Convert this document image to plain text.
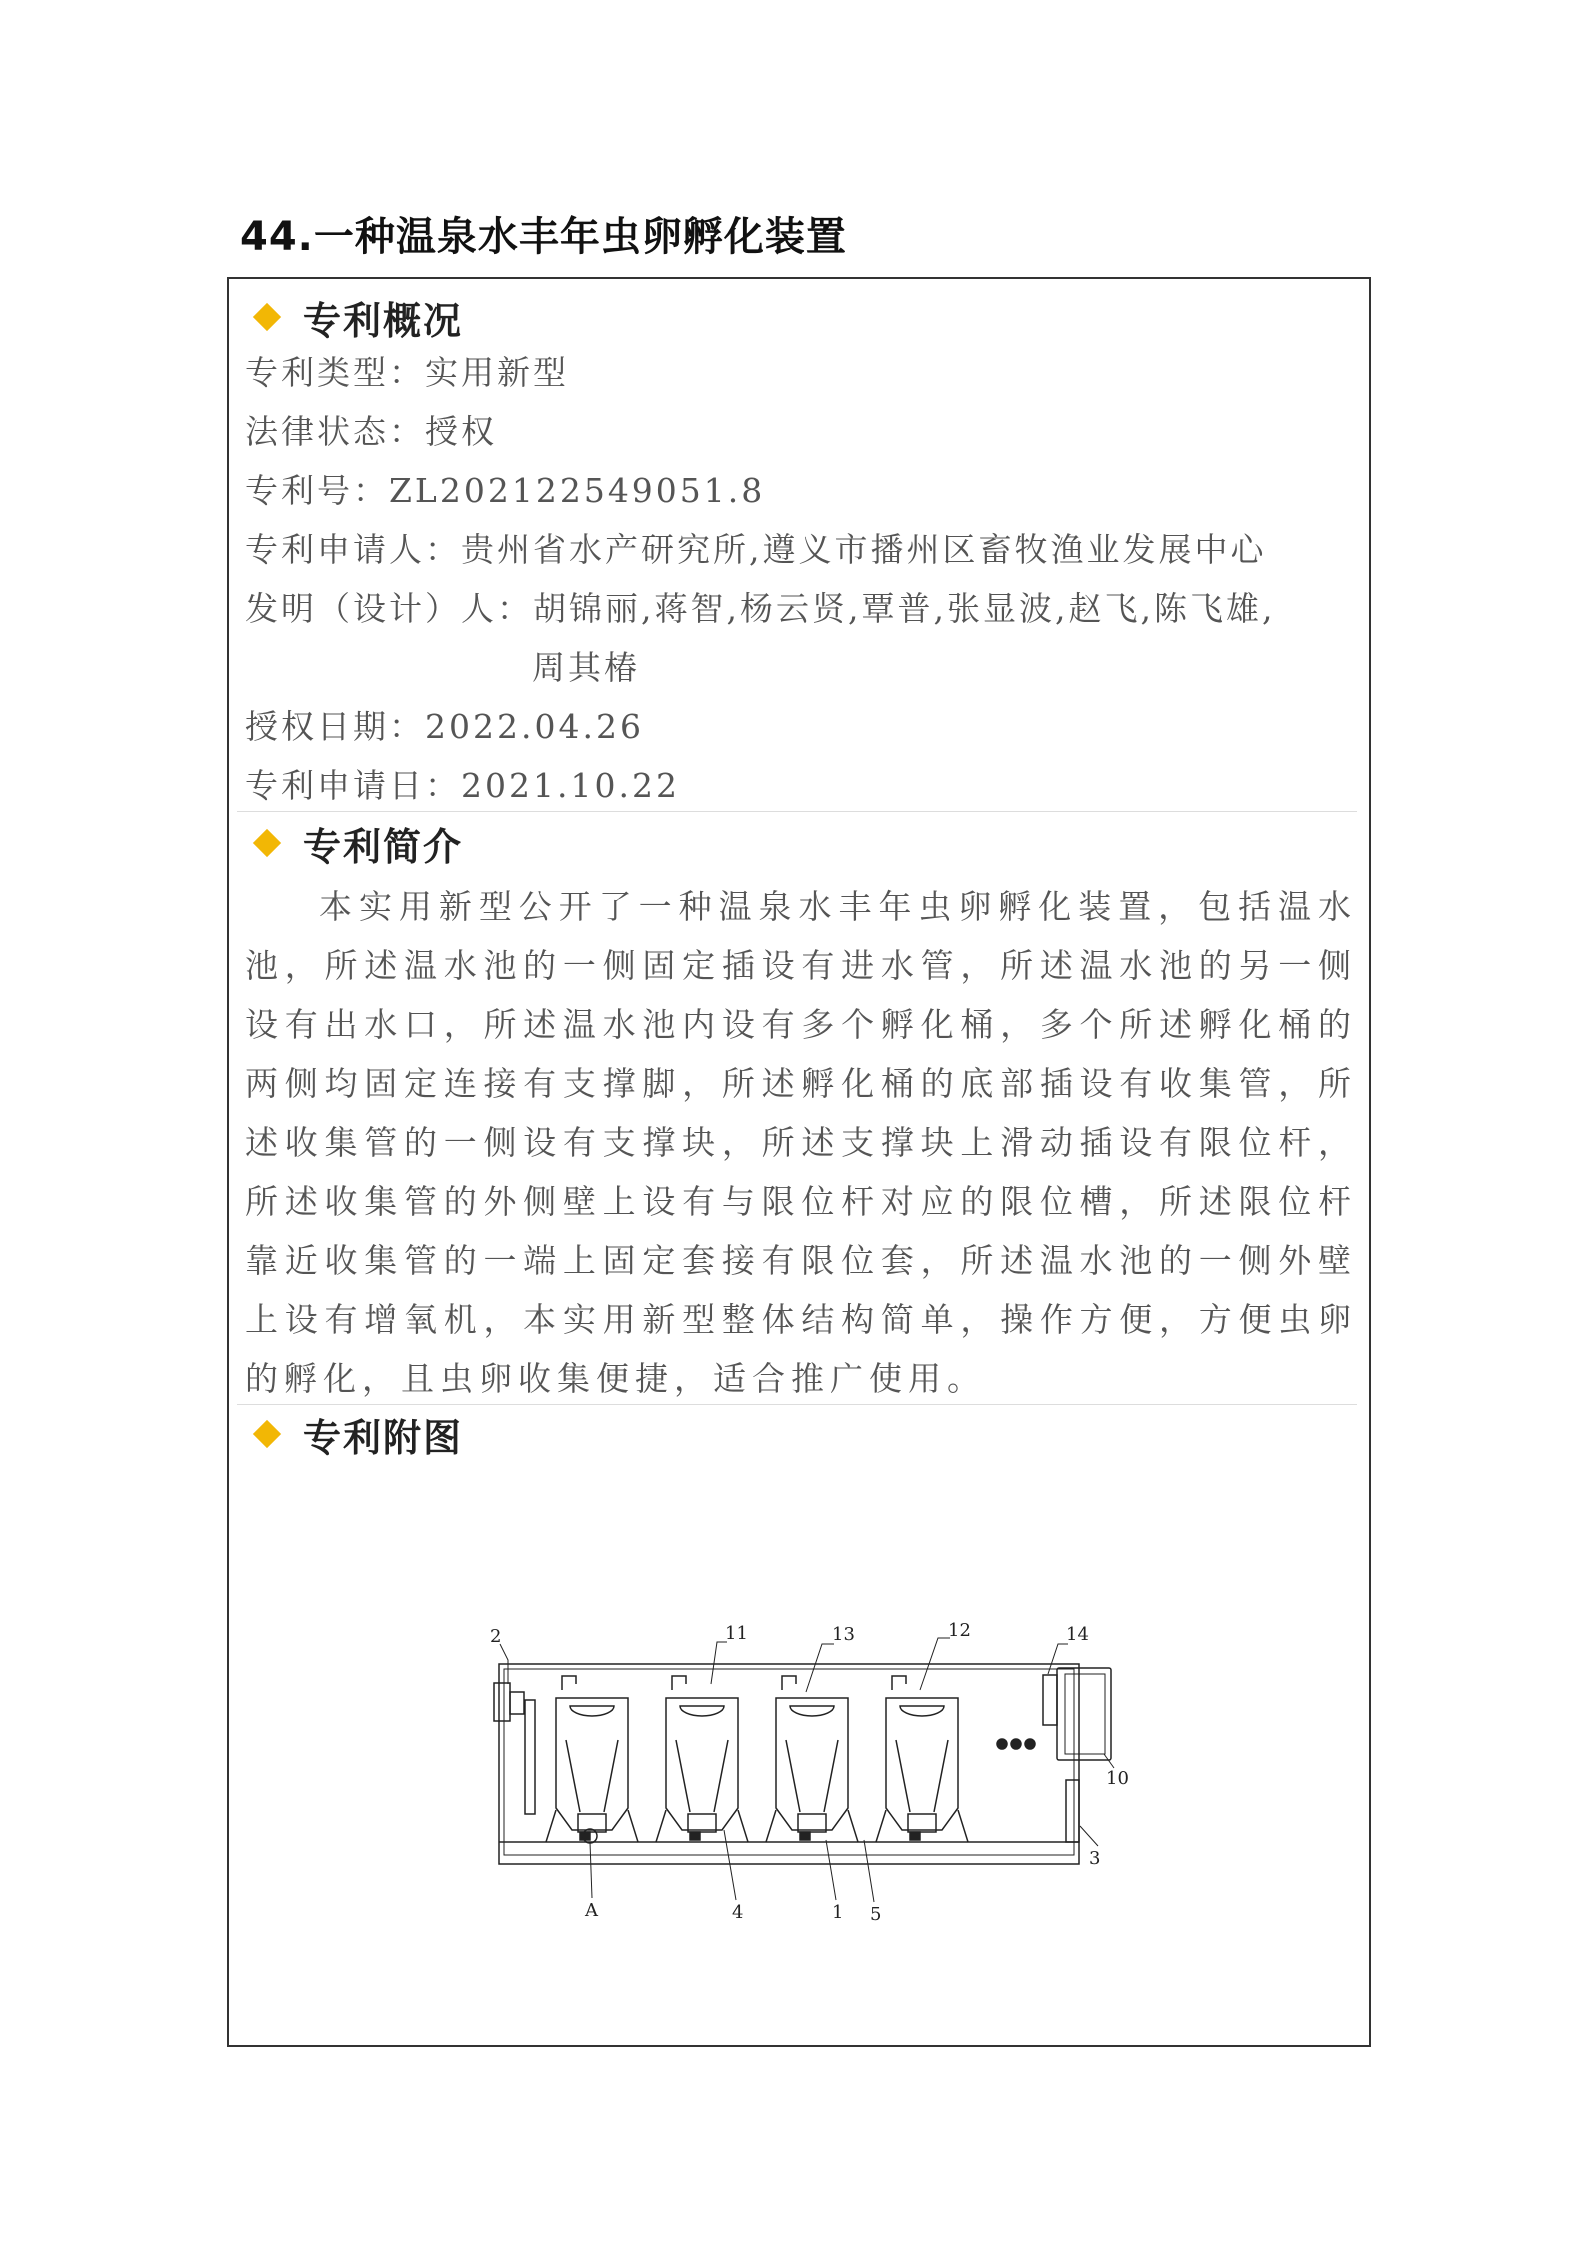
44.一种温泉水丰年虫卵孵化装置
专利概况
专利类型：实用新型
法律状态：授权
专利号：ZL202122549051.8
专利申请人：贵州省水产研究所,遵义市播州区畜牧渔业发展中心
发明（设计）人：胡锦丽,蒋智,杨云贤,覃普,张显波,赵飞,陈飞雄,
周其椿
授权日期：2022.04.26
专利申请日：2021.10.22
专利简介

本实用新型公开了一种温泉水丰年虫卵孵化装置，包括温水池，所述温水池的一侧固定插设有进水管，所述温水池的另一侧设有出水口，所述温水池内设有多个孵化桶，多个所述孵化桶的两侧均固定连接有支撑脚，所述孵化桶的底部插设有收集管，所述收集管的一侧设有支撑块，所述支撑块上滑动插设有限位杆，所述收集管的外侧壁上设有与限位杆对应的限位槽，所述限位杆靠近收集管的一端上固定套接有限位套，所述温水池的一侧外壁上设有增氧机，本实用新型整体结构简单，操作方便，方便虫卵的孵化，且虫卵收集便捷，适合推广使用。

专利附图
2	11	13	12	14
10
3
A	4	1 5
